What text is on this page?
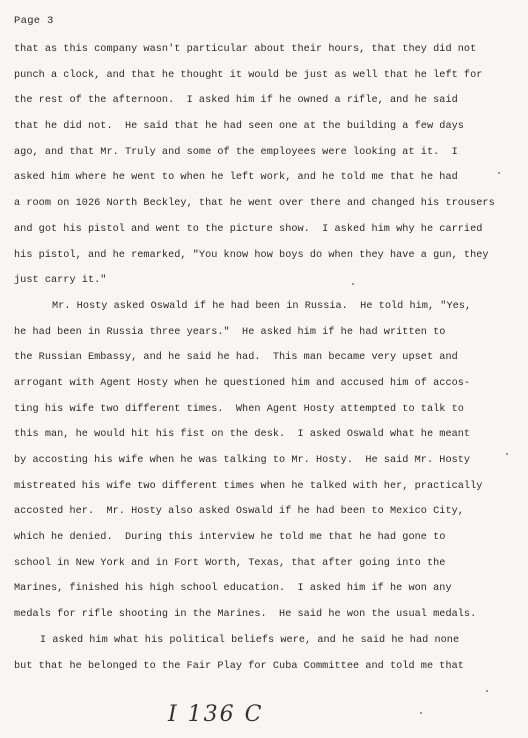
Page 3
that as this company wasn't particular about their hours, that they did not
punch a clock, and that he thought it would be just as well that he left for
the rest of the afternoon.  I asked him if he owned a rifle, and he said
that he did not.  He said that he had seen one at the building a few days
ago, and that Mr. Truly and some of the employees were looking at it.  I
asked him where he went to when he left work, and he told me that he had
a room on 1026 North Beckley, that he went over there and changed his trousers
and got his pistol and went to the picture show.  I asked him why he carried
his pistol, and he remarked, "You know how boys do when they have a gun, they
just carry it."
Mr. Hosty asked Oswald if he had been in Russia.  He told him, "Yes,
he had been in Russia three years."  He asked him if he had written to
the Russian Embassy, and he said he had.  This man became very upset and
arrogant with Agent Hosty when he questioned him and accused him of accos-
ting his wife two different times.  When Agent Hosty attempted to talk to
this man, he would hit his fist on the desk.  I asked Oswald what he meant
by accosting his wife when he was talking to Mr. Hosty.  He said Mr. Hosty
mistreated his wife two different times when he talked with her, practically
accosted her.  Mr. Hosty also asked Oswald if he had been to Mexico City,
which he denied.  During this interview he told me that he had gone to
school in New York and in Fort Worth, Texas, that after going into the
Marines, finished his high school education.  I asked him if he won any
medals for rifle shooting in the Marines.  He said he won the usual medals.
I asked him what his political beliefs were, and he said he had none
but that he belonged to the Fair Play for Cuba Committee and told me that
I 136 C
